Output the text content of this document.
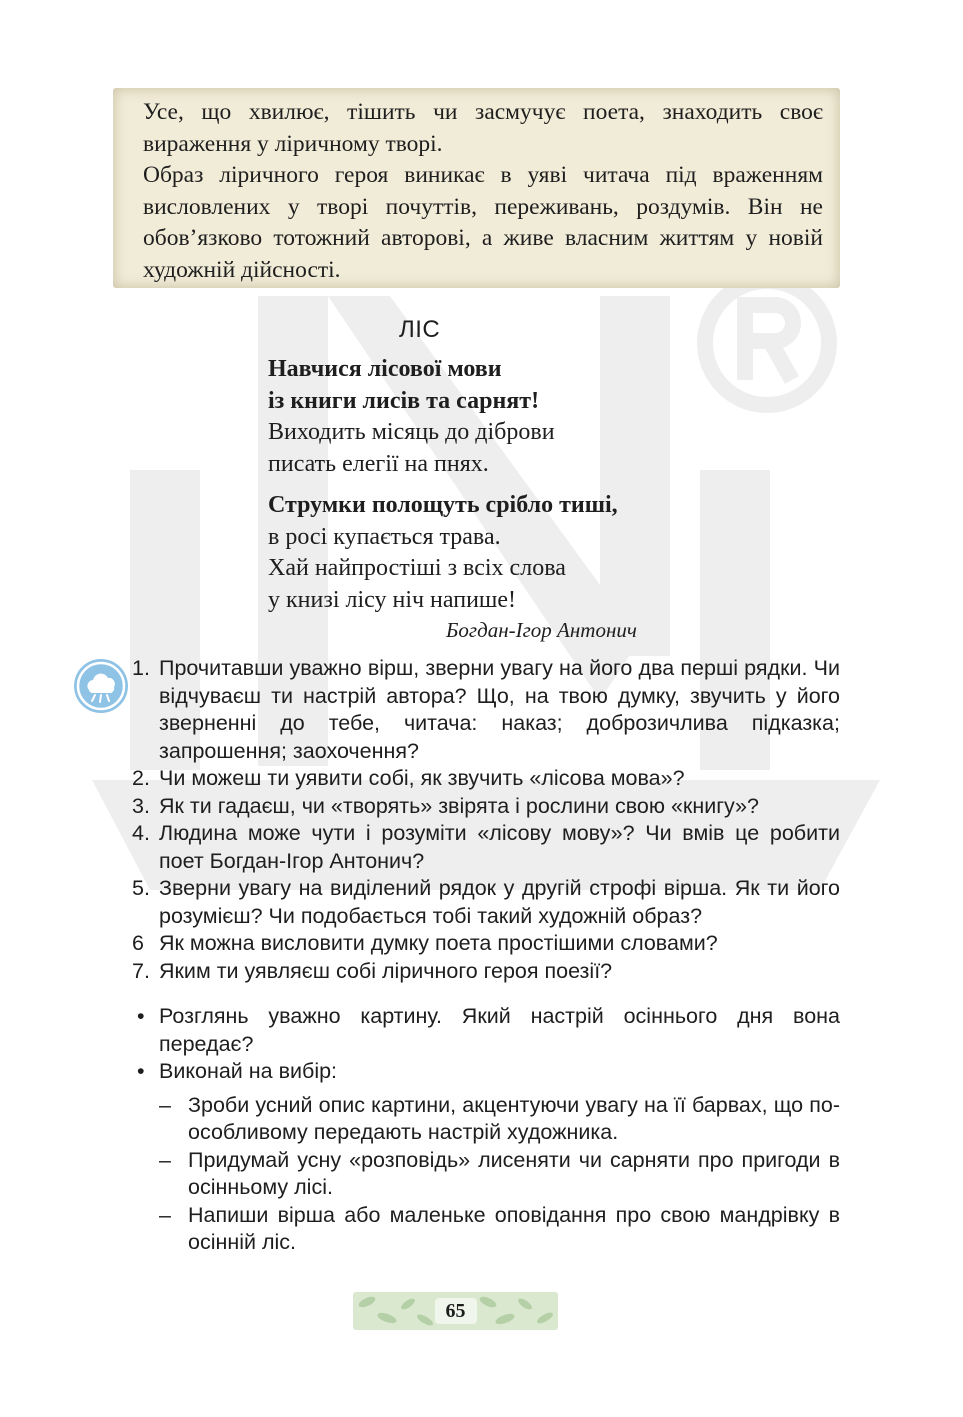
Усе, що хвилює, тішить чи засмучує поета, знаходить своє вираження у ліричному творі.

Образ ліричного героя виникає в уяві читача під враженням висловлених у творі почуттів, переживань, роздумів. Він не обов’язково тотожний авторові, а живе власним життям у новій художній дійсності.

ЛІС
Навчися лісової мови
із книги лисів та сарнят!
Виходить місяць до діброви
писать елегії на пнях.
Струмки полощуть срібло тиші,
в росі купається трава.
Хай найпростіші з всіх слова
у книзі лісу ніч напише!
Богдан-Ігор Антонич
1. Прочитавши уважно вірш, зверни увагу на його два перші рядки. Чи відчуваєш ти настрій автора? Що, на твою думку, звучить у його зверненні до тебе, читача: наказ; доброзичлива підказка; запрошення; заохочення?
2. Чи можеш ти уявити собі, як звучить «лісова мова»?
3. Як ти гадаєш, чи «творять» звірята і рослини свою «книгу»?
4. Людина може чути і розуміти «лісову мову»? Чи вмів це робити поет Богдан-Ігор Антонич?
5. Зверни увагу на виділений рядок у другій строфі вірша. Як ти його розумієш? Чи подобається тобі такий художній образ?
6 Як можна висловити думку поета простішими словами?
7. Яким ти уявляєш собі ліричного героя поезії?
• Розглянь уважно картину. Який настрій осіннього дня вона передає?
• Виконай на вибір:
– Зроби усний опис картини, акцентуючи увагу на її барвах, що по-особливому передають настрій художника.
– Придумай усну «розповідь» лисеняти чи сарняти про пригоди в осінньому лісі.
– Напиши вірша або маленьке оповідання про свою мандрівку в осінній ліс.
65
